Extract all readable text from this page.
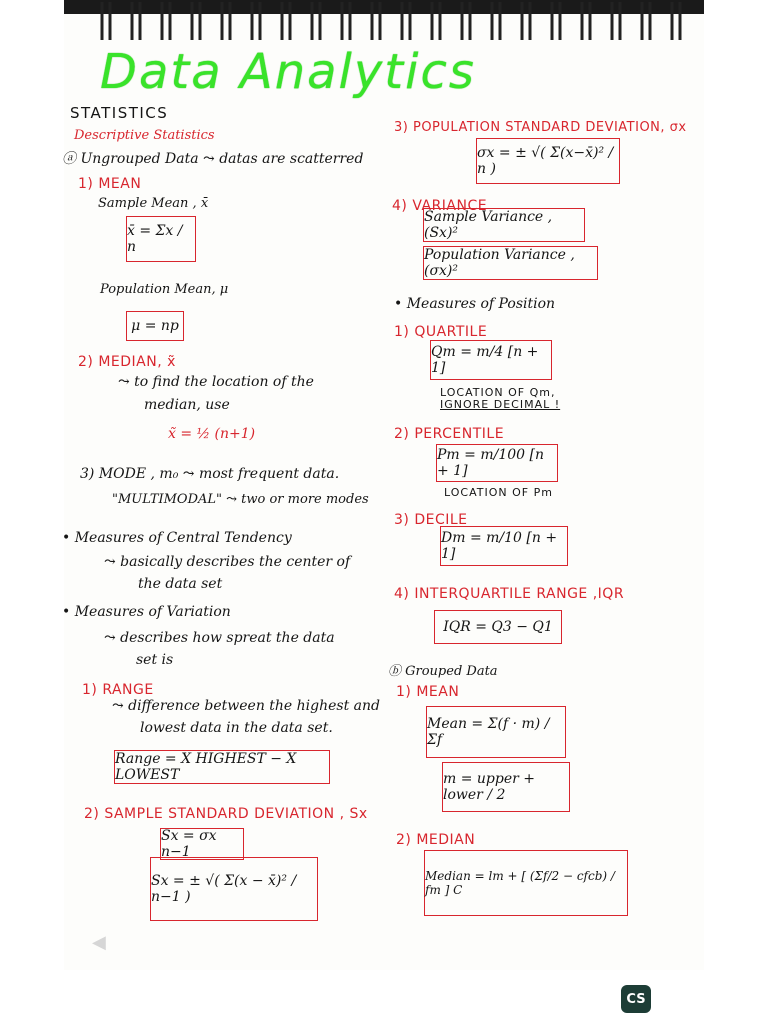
Data Analytics
STATISTICS
Descriptive Statistics
ⓐ Ungrouped Data ⤳ datas are scatterred
1) MEAN
Sample Mean , x̄
x̄ = Σx / n
Population Mean, μ
μ = np
2) MEDIAN, x̃
⤳ to find the location of the
median, use
x̃ = ½ (n+1)
3) MODE , m₀ ⤳ most frequent data.
"MULTIMODAL" ⤳ two or more modes
• Measures of Central Tendency
⤳ basically describes the center of
the data set
• Measures of Variation
⤳ describes how spreat the data
set is
1) RANGE
⤳ difference between the highest and
lowest data in the data set.
Range = X HIGHEST − X LOWEST
2) SAMPLE STANDARD DEVIATION , Sx
Sx = σx n−1
Sx = ± √( Σ(x − x̄)² / n−1 )
◀
3) POPULATION STANDARD DEVIATION, σx
σx = ± √( Σ(x−x̄)² / n )
4) VARIANCE
Sample Variance , (Sx)²
Population Variance , (σx)²
• Measures of Position
1) QUARTILE
Qm = m/4 [n + 1]
LOCATION OF Qm,
IGNORE DECIMAL !
2) PERCENTILE
Pm = m/100 [n + 1]
LOCATION OF Pm
3) DECILE
Dm = m/10 [n + 1]
4) INTERQUARTILE RANGE ,IQR
IQR = Q3 − Q1
ⓑ Grouped Data
1) MEAN
Mean = Σ(f · m) / Σf
m = upper + lower / 2
2) MEDIAN
Median = lm + [ (Σf/2 − cfcb) / fm ] C
CS
